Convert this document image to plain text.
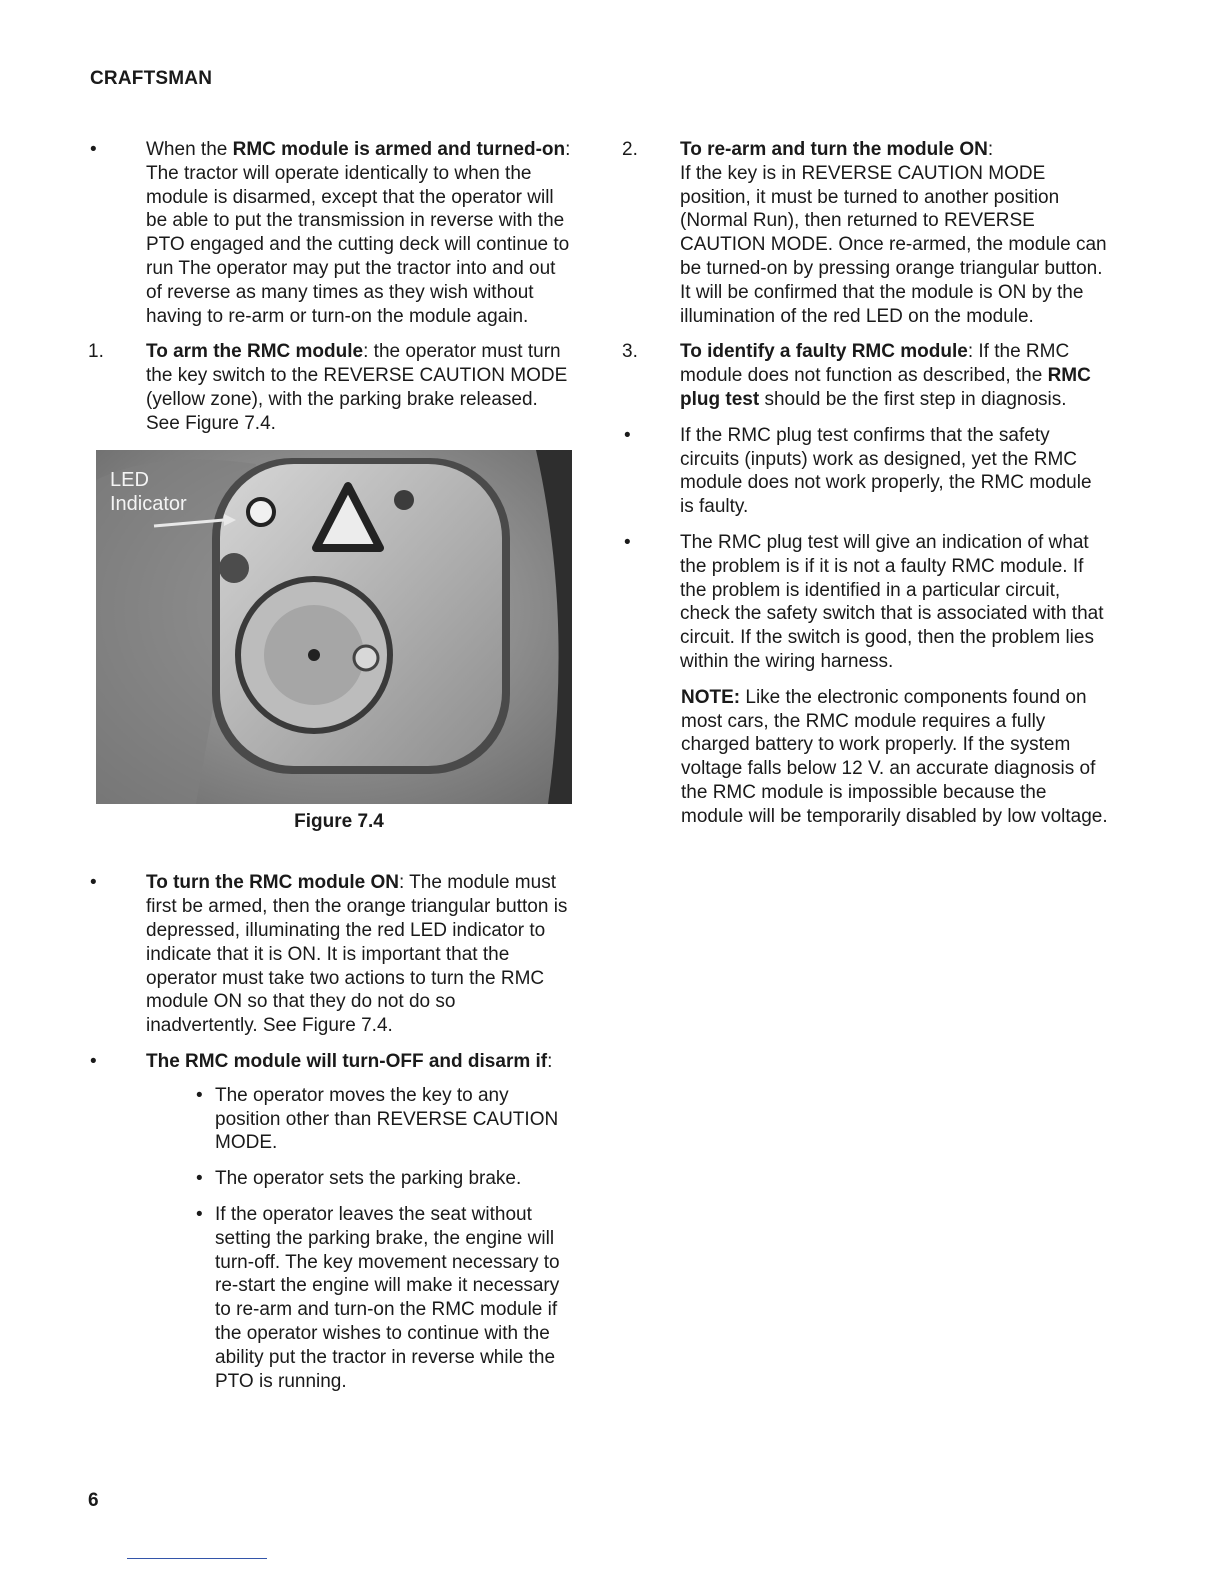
CRAFTSMAN
•	When the RMC module is armed and turned-on: The tractor will operate identically to when the module is disarmed, except that the operator will be able to put the transmission in reverse with the PTO engaged and the cutting deck will continue to run The operator may put the tractor into and out of reverse as many times as they wish without having to re-arm or turn-on the module again.

1.	To arm the RMC module: the operator must turn the key switch to the REVERSE CAUTION MODE (yellow zone), with the parking brake released. See Figure 7.4.

LED
Indicator
Figure 7.4
•	To turn the RMC module ON: The module must first be armed, then the orange triangular button is depressed, illuminating the red LED indicator to indicate that it is ON. It is important that the operator must take two actions to turn the RMC module ON so that they do not do so inadvertently. See Figure 7.4.

•	The RMC module will turn-OFF and disarm if:

• The operator moves the key to any position other than REVERSE CAUTION MODE.
• The operator sets the parking brake.
• If the operator leaves the seat without setting the parking brake, the engine will turn-off. The key movement necessary to re-start the engine will make it necessary to re-arm and turn-on the RMC module if the operator wishes to continue with the ability put the tractor in reverse while the PTO is running.
2.	To re-arm and turn the module ON:

If the key is in REVERSE CAUTION MODE position, it must be turned to another position (Normal Run), then returned to REVERSE CAUTION MODE. Once re-armed, the module can be turned-on by pressing orange triangular button. It will be confirmed that the module is ON by the illumination of the red LED on the module.

3.	To identify a faulty RMC module: If the RMC module does not function as described, the RMC plug test should be the first step in diagnosis.

•	If the RMC plug test confirms that the safety circuits (inputs) work as designed, yet the RMC module does not work properly, the RMC module is faulty.

•	The RMC plug test will give an indication of what the problem is if it is not a faulty RMC module. If the problem is identified in a particular circuit, check the safety switch that is associated with that circuit. If the switch is good, then the problem lies within the wiring harness.

NOTE: Like the electronic components found on most cars, the RMC module requires a fully charged battery to work properly. If the system voltage falls below 12 V. an accurate diagnosis of the RMC module is impossible because the module will be temporarily disabled by low voltage.

6
